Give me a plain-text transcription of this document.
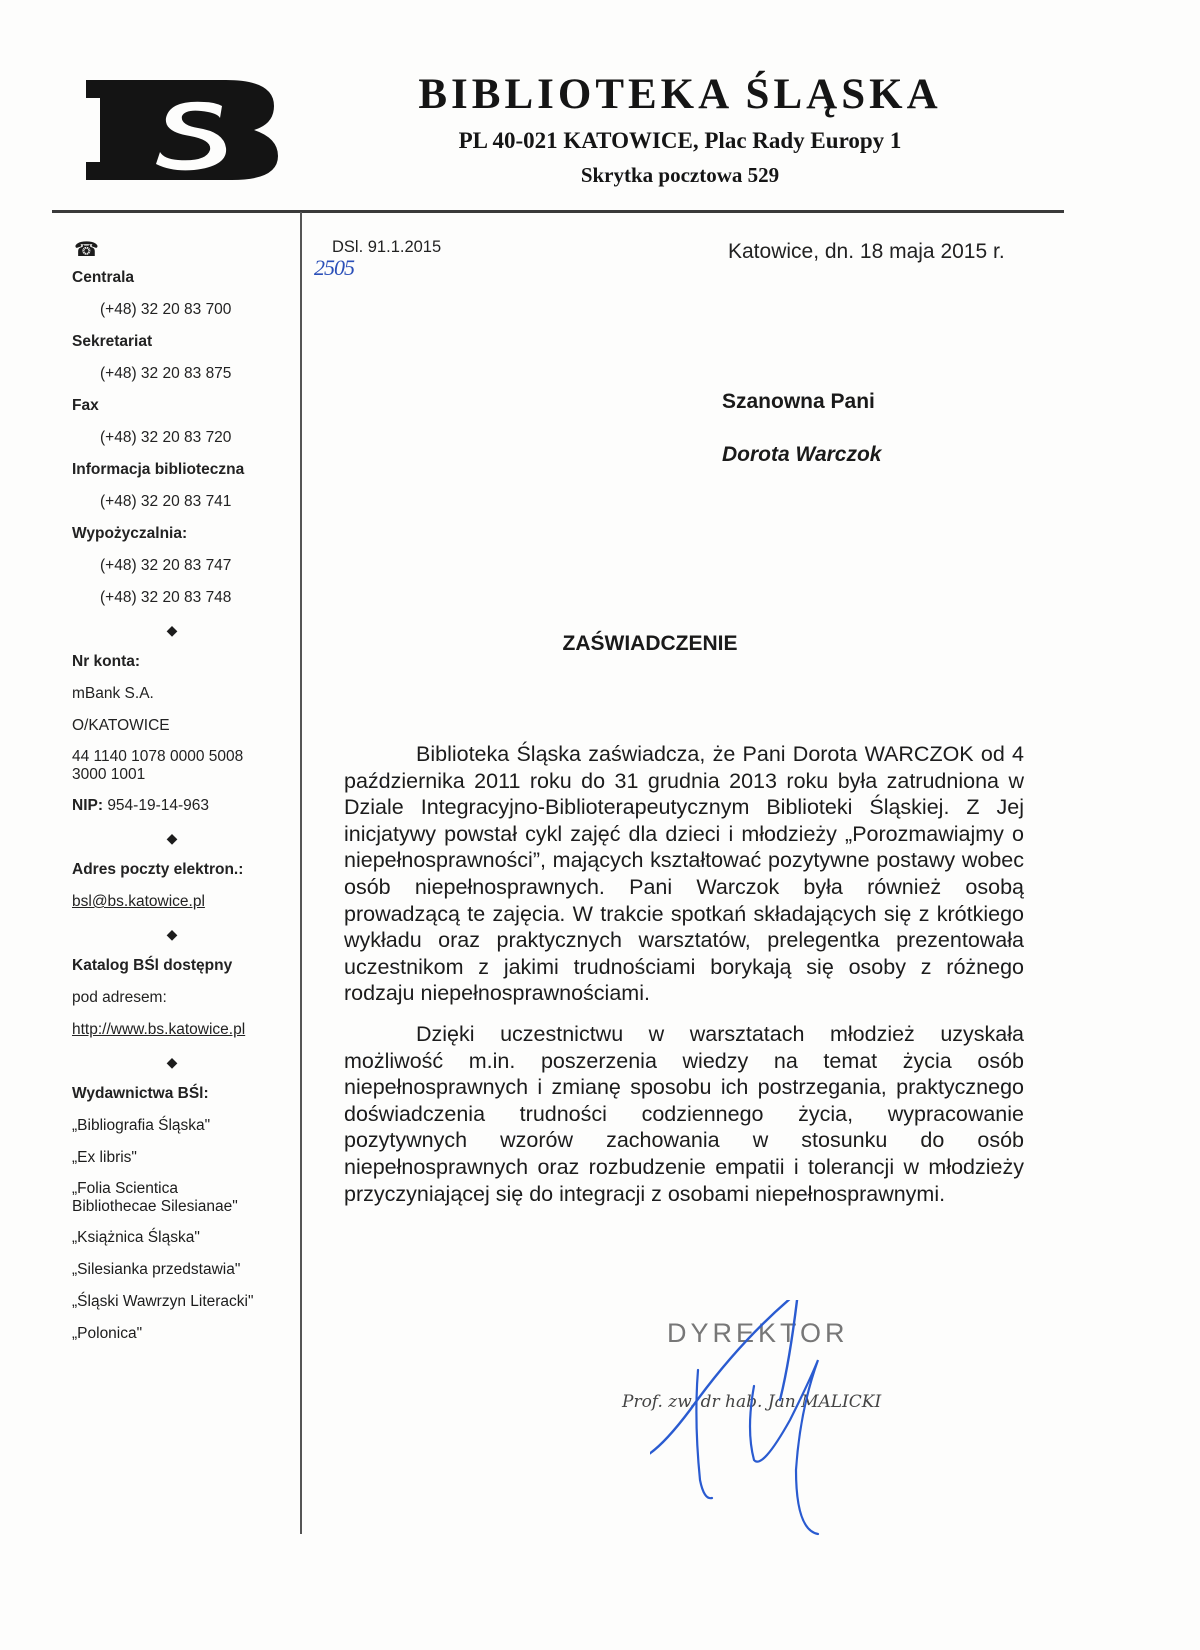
BIBLIOTEKA ŚLĄSKA
PL 40-021 KATOWICE, Plac Rady Europy 1
Skrytka pocztowa 529
☎
Centrala
(+48) 32 20 83 700
Sekretariat
(+48) 32 20 83 875
Fax
(+48) 32 20 83 720
Informacja biblioteczna
(+48) 32 20 83 741
Wypożyczalnia:
(+48) 32 20 83 747
(+48) 32 20 83 748
◆
Nr konta:
mBank S.A.
O/KATOWICE
44 1140 1078 0000 5008 3000 1001
NIP: 954-19-14-963
◆
Adres poczty elektron.:
bsl@bs.katowice.pl
◆
Katalog BŚl dostępny
pod adresem:
http://www.bs.katowice.pl
◆
Wydawnictwa BŚl:
„Bibliografia Śląska"
„Ex libris"
„Folia Scientica Bibliothecae Silesianae"
„Książnica Śląska"
„Silesianka przedstawia"
„Śląski Wawrzyn Literacki"
„Polonica"
DSl. 91.1.2015
2505
Katowice, dn. 18 maja 2015 r.
Szanowna Pani
Dorota Warczok
ZAŚWIADCZENIE

Biblioteka Śląska zaświadcza, że Pani Dorota WARCZOK od 4 października 2011 roku do 31 grudnia 2013 roku była zatrudniona w Dziale Integracyjno-Biblioterapeutycznym Biblioteki Śląskiej. Z Jej inicjatywy powstał cykl zajęć dla dzieci i młodzieży „Porozmawiajmy o niepełnosprawności”, mających kształtować pozytywne postawy wobec osób niepełnosprawnych. Pani Warczok była również osobą prowadzącą te zajęcia. W trakcie spotkań składających się z krótkiego wykładu oraz praktycznych warsztatów, prelegentka prezentowała uczestnikom z jakimi trudnościami borykają się osoby z różnego rodzaju niepełnosprawnościami.

Dzięki uczestnictwu w warsztatach młodzież uzyskała możliwość m.in. poszerzenia wiedzy na temat życia osób niepełnosprawnych i zmianę sposobu ich postrzegania, praktycznego doświadczenia trudności codziennego życia, wypracowanie pozytywnych wzorów zachowania w stosunku do osób niepełnosprawnych oraz rozbudzenie empatii i tolerancji w młodzieży przyczyniającej się do integracji z osobami niepełnosprawnymi.

DYREKTOR
Prof. zw. dr hab. Jan MALICKI
